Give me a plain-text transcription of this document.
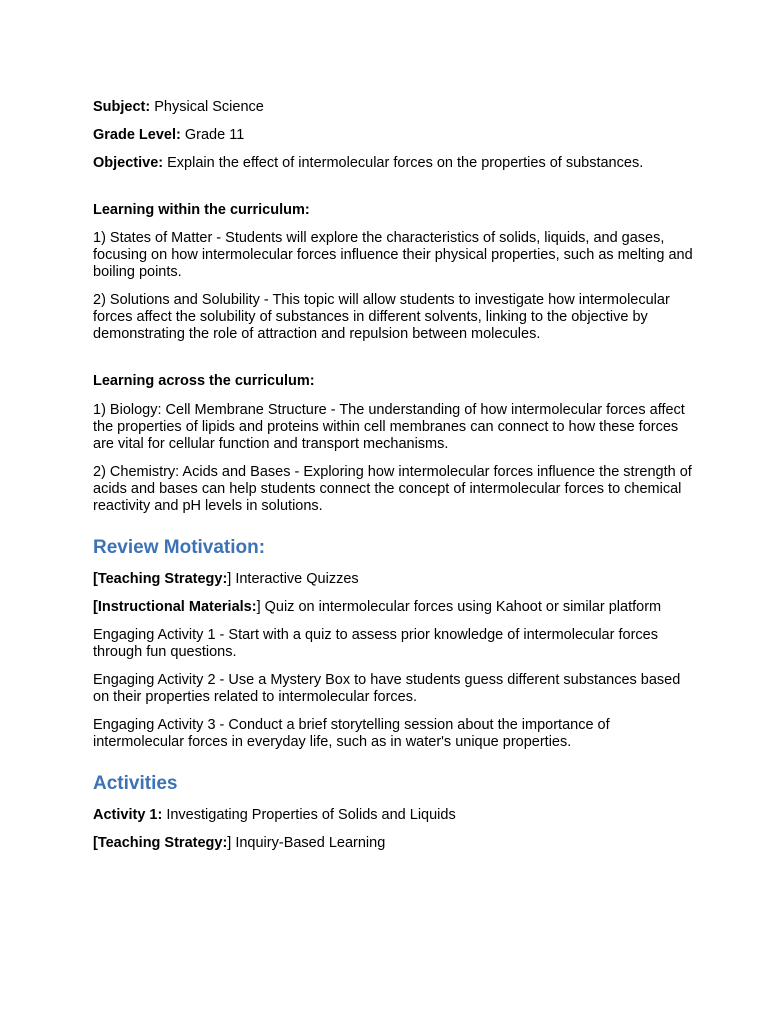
Subject: Physical Science

Grade Level: Grade 11

Objective: Explain the effect of intermolecular forces on the properties of substances.

Learning within the curriculum:

1) States of Matter - Students will explore the characteristics of solids, liquids, and gases, focusing on how intermolecular forces influence their physical properties, such as melting and boiling points.

2) Solutions and Solubility - This topic will allow students to investigate how intermolecular forces affect the solubility of substances in different solvents, linking to the objective by demonstrating the role of attraction and repulsion between molecules.

Learning across the curriculum:

1) Biology: Cell Membrane Structure - The understanding of how intermolecular forces affect the properties of lipids and proteins within cell membranes can connect to how these forces are vital for cellular function and transport mechanisms.

2) Chemistry: Acids and Bases - Exploring how intermolecular forces influence the strength of acids and bases can help students connect the concept of intermolecular forces to chemical reactivity and pH levels in solutions.

Review Motivation:

[Teaching Strategy:] Interactive Quizzes

[Instructional Materials:] Quiz on intermolecular forces using Kahoot or similar platform

Engaging Activity 1 - Start with a quiz to assess prior knowledge of intermolecular forces through fun questions.

Engaging Activity 2 - Use a Mystery Box to have students guess different substances based on their properties related to intermolecular forces.

Engaging Activity 3 - Conduct a brief storytelling session about the importance of intermolecular forces in everyday life, such as in water's unique properties.

Activities

Activity 1: Investigating Properties of Solids and Liquids

[Teaching Strategy:] Inquiry-Based Learning
